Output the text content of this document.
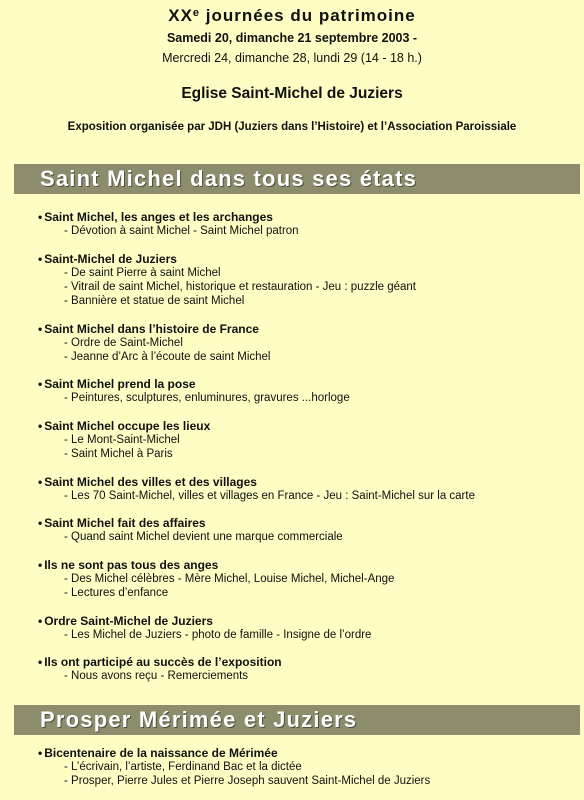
XXe journées du patrimoine
Samedi 20, dimanche 21 septembre 2003 -
Mercredi 24, dimanche 28, lundi 29 (14 - 18 h.)
Eglise Saint-Michel de Juziers
Exposition organisée par JDH (Juziers dans l’Histoire) et l’Association Paroissiale
Saint Michel dans tous ses états
• Saint Michel, les anges et les archanges
- Dévotion à saint Michel - Saint Michel patron
• Saint-Michel de Juziers
- De saint Pierre à saint Michel
- Vitrail de saint Michel, historique et restauration - Jeu : puzzle géant
- Bannière et statue de saint Michel
• Saint Michel dans l’histoire de France
- Ordre de Saint-Michel
- Jeanne d’Arc à l’écoute de saint Michel
• Saint Michel prend la pose
- Peintures, sculptures, enluminures, gravures ...horloge
• Saint Michel occupe les lieux
- Le Mont-Saint-Michel
- Saint Michel à Paris
• Saint Michel des villes et des villages
- Les 70 Saint-Michel, villes et villages en France - Jeu : Saint-Michel sur la carte
• Saint Michel fait des affaires
- Quand saint Michel devient une marque commerciale
• Ils ne sont pas tous des anges
- Des Michel célèbres - Mère Michel, Louise Michel, Michel-Ange
- Lectures d’enfance
• Ordre Saint-Michel de Juziers
- Les Michel de Juziers - photo de famille - Insigne de l’ordre
• Ils ont participé au succès de l’exposition
- Nous avons reçu - Remerciements
Prosper Mérimée et Juziers
• Bicentenaire de la naissance de Mérimée
- L’écrivain, l’artiste, Ferdinand Bac et la dictée
- Prosper, Pierre Jules et Pierre Joseph sauvent Saint-Michel de Juziers
